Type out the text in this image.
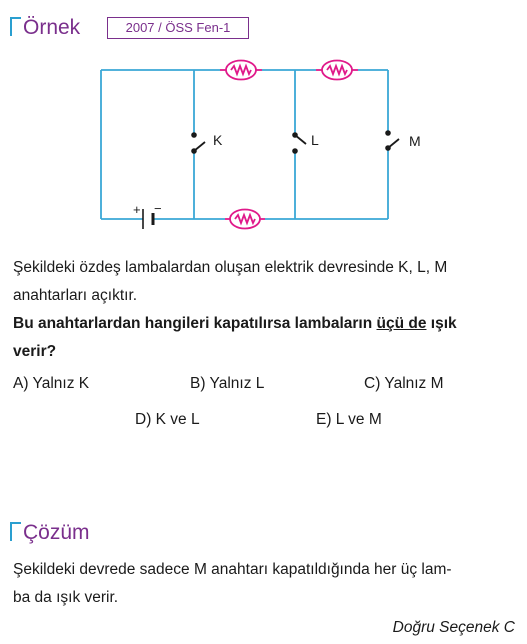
Örnek	2007 / ÖSS Fen-1
+ −
K	L	M
Şekildeki özdeş lambalardan oluşan elektrik devresinde K, L, M
anahtarları açıktır.
Bu anahtarlardan hangileri kapatılırsa lambaların üçü de ışık
verir?
A) Yalnız K	B) Yalnız L	C) Yalnız M
D) K ve L	E) L ve M
Çözüm
Şekildeki devrede sadece M anahtarı kapatıldığında her üç lam-
ba da ışık verir.
Doğru Seçenek C
